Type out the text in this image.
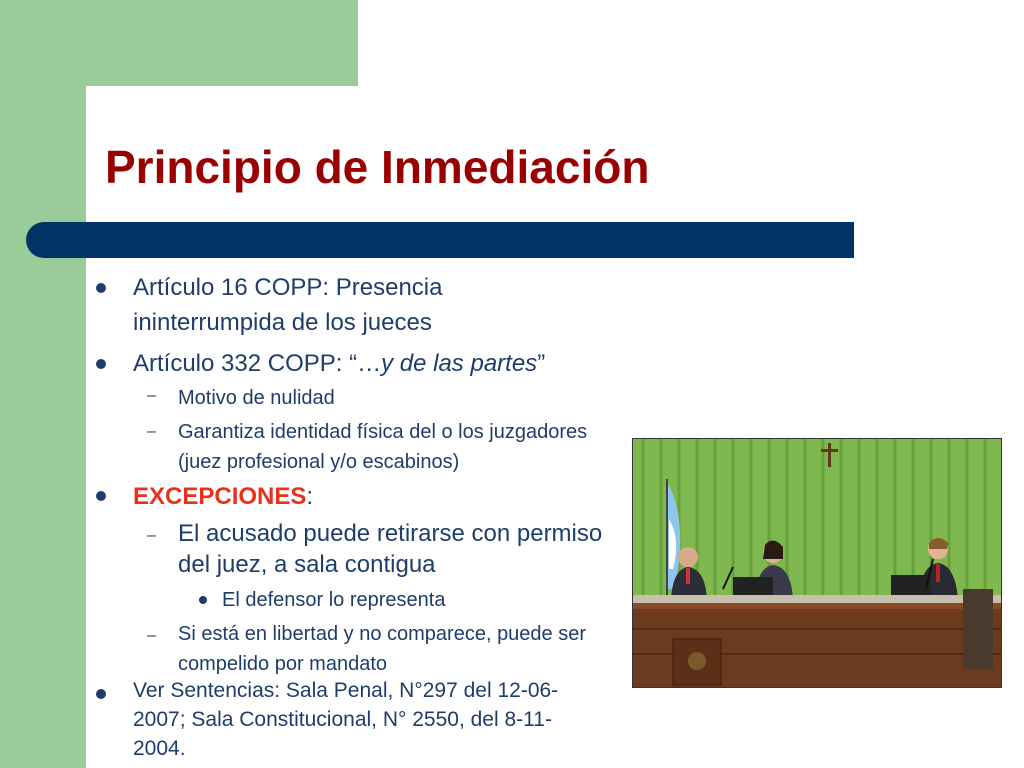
Principio de Inmediación
Artículo 16 COPP: Presencia ininterrumpida de los jueces
Artículo 332 COPP: “…y de las partes”
– Motivo de nulidad
– Garantiza identidad física del o los juzgadores (juez profesional y/o escabinos)
EXCEPCIONES:
– El acusado puede retirarse con permiso del juez, a sala contigua
El defensor lo representa
– Si está en libertad y no comparece, puede ser compelido por mandato
Ver Sentencias: Sala Penal, N°297 del 12-06-2007; Sala Constitucional, N° 2550, del 8-11-2004.
